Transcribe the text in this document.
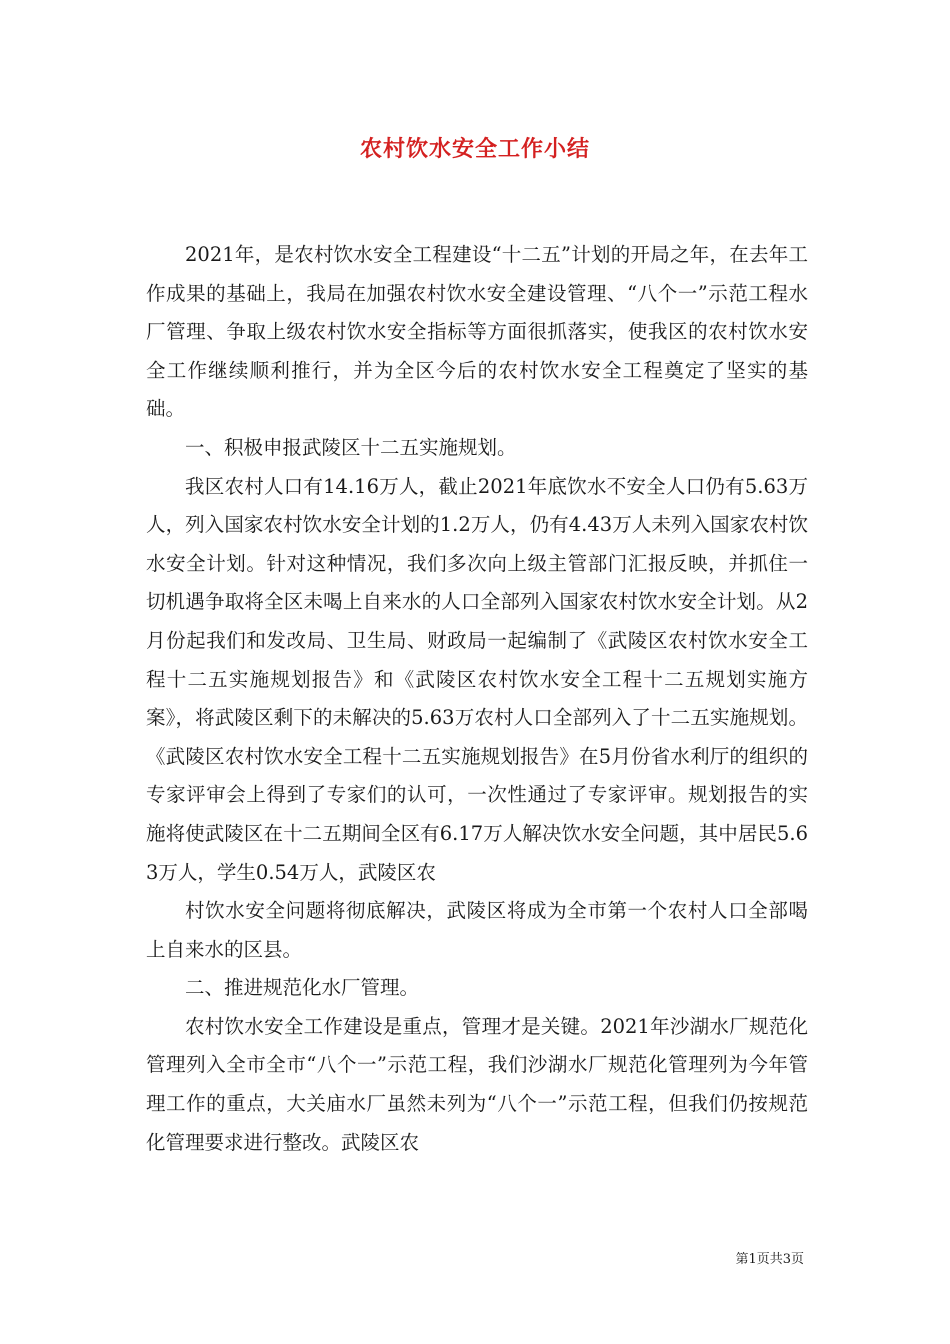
农村饮水安全工作小结

2021年，是农村饮水安全工程建设“十二五”计划的开局之年，在去年工作成果的基础上，我局在加强农村饮水安全建设管理、“八个一”示范工程水厂管理、争取上级农村饮水安全指标等方面很抓落实，使我区的农村饮水安全工作继续顺利推行，并为全区今后的农村饮水安全工程奠定了坚实的基础。

一、积极申报武陵区十二五实施规划。

我区农村人口有14.16万人，截止2021年底饮水不安全人口仍有5.63万人，列入国家农村饮水安全计划的1.2万人，仍有4.43万人未列入国家农村饮水安全计划。针对这种情况，我们多次向上级主管部门汇报反映，并抓住一切机遇争取将全区未喝上自来水的人口全部列入国家农村饮水安全计划。从2月份起我们和发改局、卫生局、财政局一起编制了《武陵区农村饮水安全工程十二五实施规划报告》和《武陵区农村饮水安全工程十二五规划实施方案》，将武陵区剩下的未解决的5.63万农村人口全部列入了十二五实施规划。《武陵区农村饮水安全工程十二五实施规划报告》在5月份省水利厅的组织的专家评审会上得到了专家们的认可，一次性通过了专家评审。规划报告的实施将使武陵区在十二五期间全区有6.17万人解决饮水安全问题，其中居民5.63万人，学生0.54万人，武陵区农

村饮水安全问题将彻底解决，武陵区将成为全市第一个农村人口全部喝上自来水的区县。

二、推进规范化水厂管理。

农村饮水安全工作建设是重点，管理才是关键。2021年沙湖水厂规范化管理列入全市全市“八个一”示范工程，我们沙湖水厂规范化管理列为今年管理工作的重点，大关庙水厂虽然未列为“八个一”示范工程，但我们仍按规范化管理要求进行整改。武陵区农

第1页共3页
